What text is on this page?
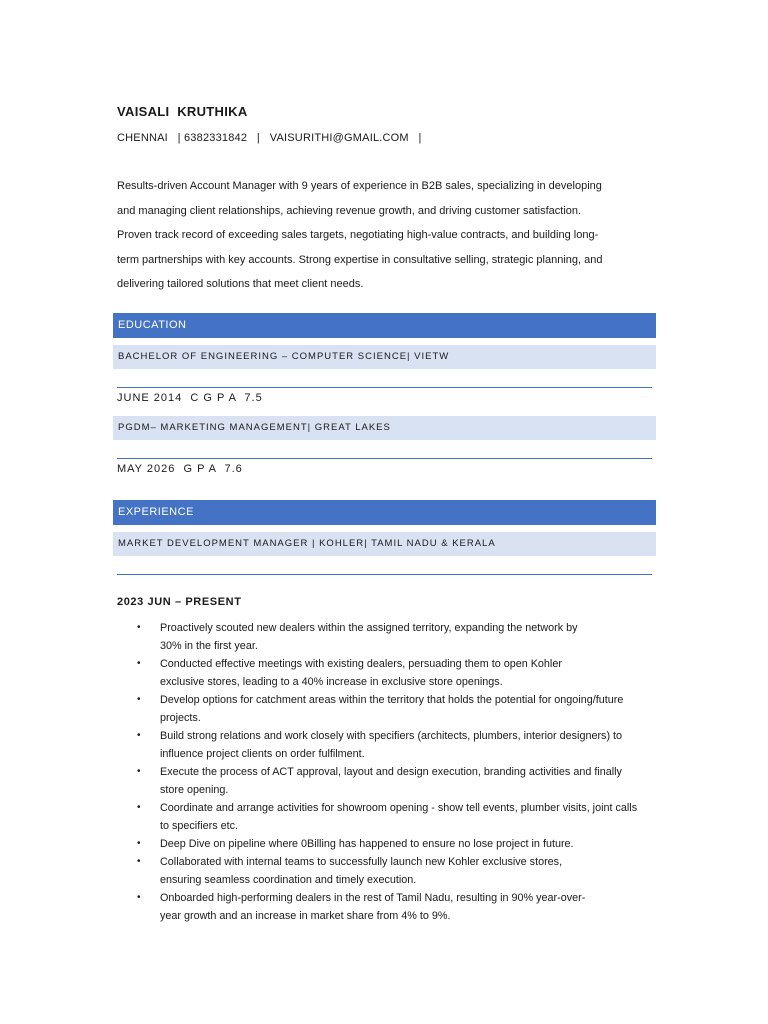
VAISALI  KRUTHIKA
CHENNAI   | 6382331842   |   VAISURITHI@GMAIL.COM   |
Results-driven Account Manager with 9 years of experience in B2B sales, specializing in developing
and managing client relationships, achieving revenue growth, and driving customer satisfaction.
Proven track record of exceeding sales targets, negotiating high-value contracts, and building long-
term partnerships with key accounts. Strong expertise in consultative selling, strategic planning, and
delivering tailored solutions that meet client needs.
EDUCATION
BACHELOR OF ENGINEERING – COMPUTER SCIENCE| VIETW
JUNE 2014  C G P A  7.5
PGDM– MARKETING MANAGEMENT| GREAT LAKES
MAY 2026  G P A  7.6
EXPERIENCE
MARKET DEVELOPMENT MANAGER | KOHLER| TAMIL NADU & KERALA
2023 JUN – PRESENT
• Proactively scouted new dealers within the assigned territory, expanding the network by
30% in the first year.
• Conducted effective meetings with existing dealers, persuading them to open Kohler
exclusive stores, leading to a 40% increase in exclusive store openings.
• Develop options for catchment areas within the territory that holds the potential for ongoing/future
projects.
• Build strong relations and work closely with specifiers (architects, plumbers, interior designers) to
influence project clients on order fulfilment.
• Execute the process of ACT approval, layout and design execution, branding activities and finally
store opening.
• Coordinate and arrange activities for showroom opening - show tell events, plumber visits, joint calls
to specifiers etc.
• Deep Dive on pipeline where 0Billing has happened to ensure no lose project in future.
• Collaborated with internal teams to successfully launch new Kohler exclusive stores,
ensuring seamless coordination and timely execution.
• Onboarded high-performing dealers in the rest of Tamil Nadu, resulting in 90% year-over-
year growth and an increase in market share from 4% to 9%.
